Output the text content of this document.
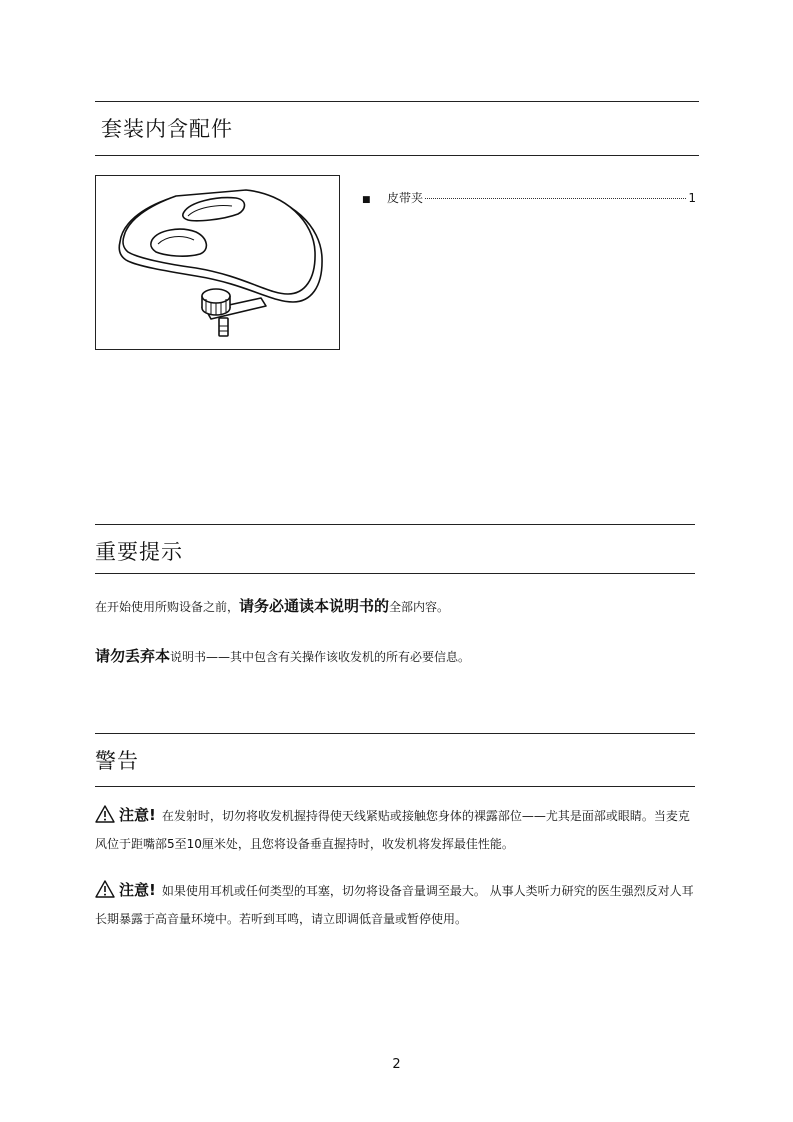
套装内含配件
■ 皮带夹	1
重要提示

在开始使用所购设备之前，请务必通读本说明书的全部内容。

请勿丢弃本说明书——其中包含有关操作该收发机的所有必要信息。

警告

注意! 在发射时，切勿将收发机握持得使天线紧贴或接触您身体的裸露部位——尤其是面部或眼睛。当麦克风位于距嘴部5至10厘米处，且您将设备垂直握持时，收发机将发挥最佳性能。

注意! 如果使用耳机或任何类型的耳塞，切勿将设备音量调至最大。 从事人类听力研究的医生强烈反对人耳长期暴露于高音量环境中。若听到耳鸣，请立即调低音量或暂停使用。

2
